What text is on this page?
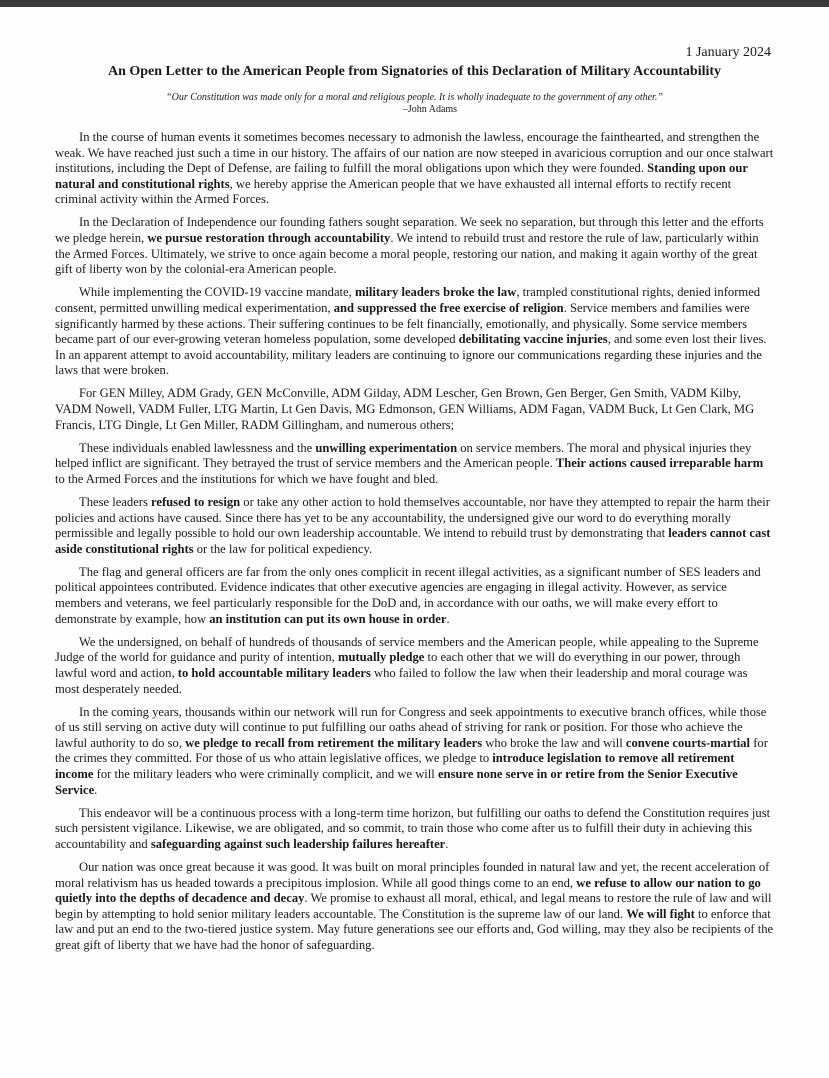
1 January 2024
An Open Letter to the American People from Signatories of this Declaration of Military Accountability
“Our Constitution was made only for a moral and religious people. It is wholly inadequate to the government of any other.”
–John Adams

In the course of human events it sometimes becomes necessary to admonish the lawless, encourage the fainthearted, and strengthen the weak. We have reached just such a time in our history. The affairs of our nation are now steeped in avaricious corruption and our once stalwart institutions, including the Dept of Defense, are failing to fulfill the moral obligations upon which they were founded. Standing upon our natural and constitutional rights, we hereby apprise the American people that we have exhausted all internal efforts to rectify recent criminal activity within the Armed Forces.

In the Declaration of Independence our founding fathers sought separation. We seek no separation, but through this letter and the efforts we pledge herein, we pursue restoration through accountability. We intend to rebuild trust and restore the rule of law, particularly within the Armed Forces. Ultimately, we strive to once again become a moral people, restoring our nation, and making it again worthy of the great gift of liberty won by the colonial-era American people.

While implementing the COVID-19 vaccine mandate, military leaders broke the law, trampled constitutional rights, denied informed consent, permitted unwilling medical experimentation, and suppressed the free exercise of religion. Service members and families were significantly harmed by these actions. Their suffering continues to be felt financially, emotionally, and physically. Some service members became part of our ever-growing veteran homeless population, some developed debilitating vaccine injuries, and some even lost their lives. In an apparent attempt to avoid accountability, military leaders are continuing to ignore our communications regarding these injuries and the laws that were broken.

For GEN Milley, ADM Grady, GEN McConville, ADM Gilday, ADM Lescher, Gen Brown, Gen Berger, Gen Smith, VADM Kilby, VADM Nowell, VADM Fuller, LTG Martin, Lt Gen Davis, MG Edmonson, GEN Williams, ADM Fagan, VADM Buck, Lt Gen Clark, MG Francis, LTG Dingle, Lt Gen Miller, RADM Gillingham, and numerous others;

These individuals enabled lawlessness and the unwilling experimentation on service members. The moral and physical injuries they helped inflict are significant. They betrayed the trust of service members and the American people. Their actions caused irreparable harm to the Armed Forces and the institutions for which we have fought and bled.

These leaders refused to resign or take any other action to hold themselves accountable, nor have they attempted to repair the harm their policies and actions have caused. Since there has yet to be any accountability, the undersigned give our word to do everything morally permissible and legally possible to hold our own leadership accountable. We intend to rebuild trust by demonstrating that leaders cannot cast aside constitutional rights or the law for political expediency.

The flag and general officers are far from the only ones complicit in recent illegal activities, as a significant number of SES leaders and political appointees contributed. Evidence indicates that other executive agencies are engaging in illegal activity. However, as service members and veterans, we feel particularly responsible for the DoD and, in accordance with our oaths, we will make every effort to demonstrate by example, how an institution can put its own house in order.

We the undersigned, on behalf of hundreds of thousands of service members and the American people, while appealing to the Supreme Judge of the world for guidance and purity of intention, mutually pledge to each other that we will do everything in our power, through lawful word and action, to hold accountable military leaders who failed to follow the law when their leadership and moral courage was most desperately needed.

In the coming years, thousands within our network will run for Congress and seek appointments to executive branch offices, while those of us still serving on active duty will continue to put fulfilling our oaths ahead of striving for rank or position. For those who achieve the lawful authority to do so, we pledge to recall from retirement the military leaders who broke the law and will convene courts-martial for the crimes they committed. For those of us who attain legislative offices, we pledge to introduce legislation to remove all retirement income for the military leaders who were criminally complicit, and we will ensure none serve in or retire from the Senior Executive Service.

This endeavor will be a continuous process with a long-term time horizon, but fulfilling our oaths to defend the Constitution requires just such persistent vigilance. Likewise, we are obligated, and so commit, to train those who come after us to fulfill their duty in achieving this accountability and safeguarding against such leadership failures hereafter.

Our nation was once great because it was good. It was built on moral principles founded in natural law and yet, the recent acceleration of moral relativism has us headed towards a precipitous implosion. While all good things come to an end, we refuse to allow our nation to go quietly into the depths of decadence and decay. We promise to exhaust all moral, ethical, and legal means to restore the rule of law and will begin by attempting to hold senior military leaders accountable. The Constitution is the supreme law of our land. We will fight to enforce that law and put an end to the two-tiered justice system. May future generations see our efforts and, God willing, may they also be recipients of the great gift of liberty that we have had the honor of safeguarding.
